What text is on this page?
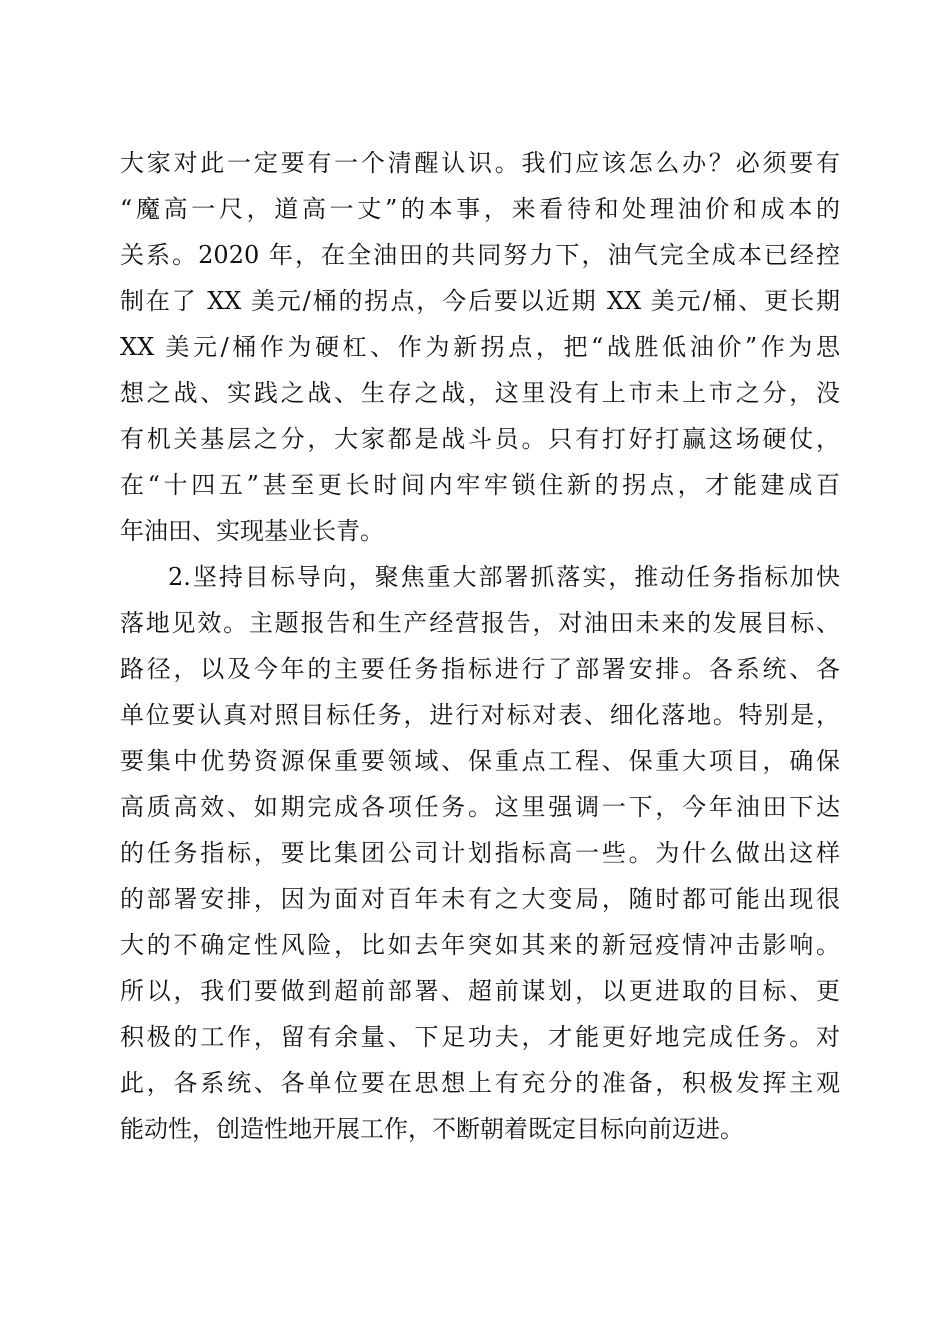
大家对此一定要有一个清醒认识。我们应该怎么办？必须要有
“魔高一尺，道高一丈”的本事，来看待和处理油价和成本的
关系。2020 年，在全油田的共同努力下，油气完全成本已经控
制在了 XX 美元/桶的拐点，今后要以近期 XX 美元/桶、更长期
XX 美元/桶作为硬杠、作为新拐点，把“战胜低油价”作为思
想之战、实践之战、生存之战，这里没有上市未上市之分，没
有机关基层之分，大家都是战斗员。只有打好打赢这场硬仗，
在“十四五”甚至更长时间内牢牢锁住新的拐点，才能建成百
年油田、实现基业长青。
2.坚持目标导向，聚焦重大部署抓落实，推动任务指标加快
落地见效。主题报告和生产经营报告，对油田未来的发展目标、
路径，以及今年的主要任务指标进行了部署安排。各系统、各
单位要认真对照目标任务，进行对标对表、细化落地。特别是，
要集中优势资源保重要领域、保重点工程、保重大项目，确保
高质高效、如期完成各项任务。这里强调一下，今年油田下达
的任务指标，要比集团公司计划指标高一些。为什么做出这样
的部署安排，因为面对百年未有之大变局，随时都可能出现很
大的不确定性风险，比如去年突如其来的新冠疫情冲击影响。
所以，我们要做到超前部署、超前谋划，以更进取的目标、更
积极的工作，留有余量、下足功夫，才能更好地完成任务。对
此，各系统、各单位要在思想上有充分的准备，积极发挥主观
能动性，创造性地开展工作，不断朝着既定目标向前迈进。
